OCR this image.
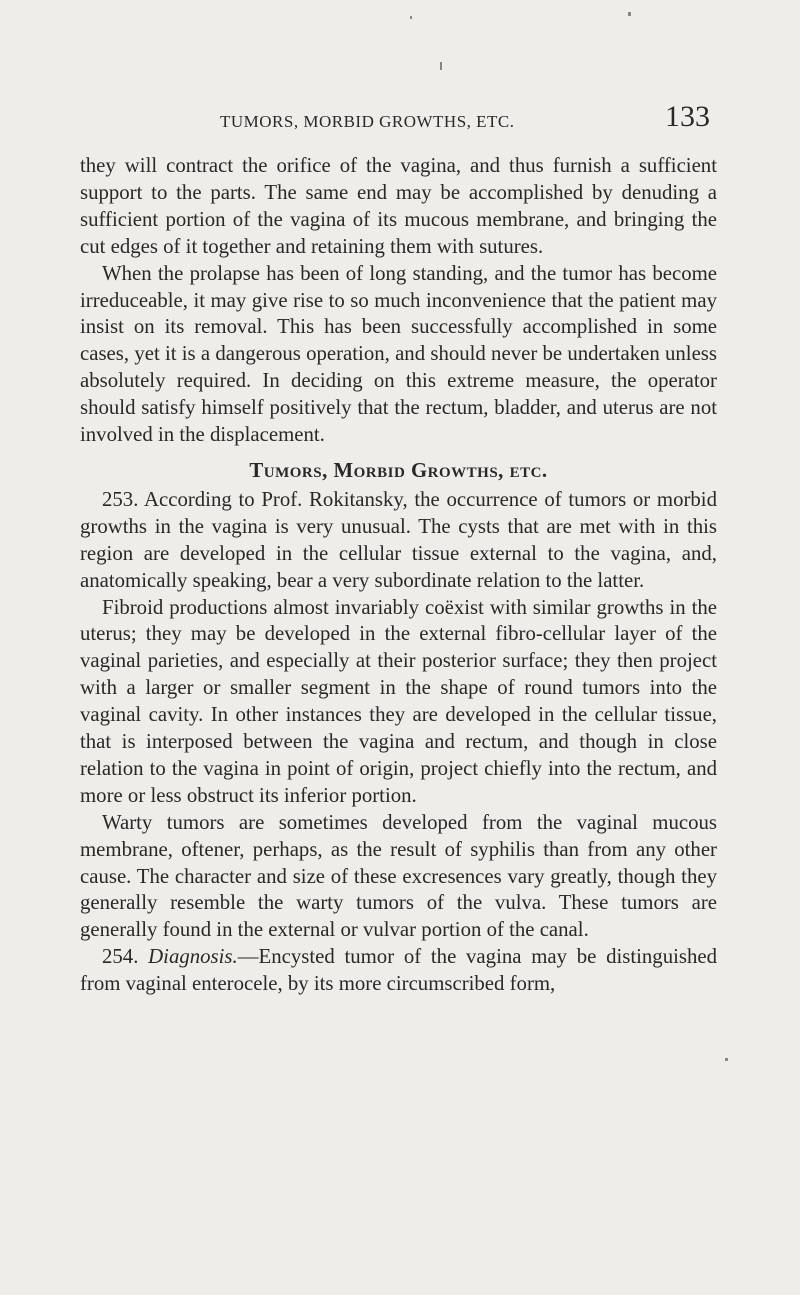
TUMORS, MORBID GROWTHS, ETC.	133

they will contract the orifice of the vagina, and thus furnish a sufficient support to the parts. The same end may be accomplished by denuding a sufficient portion of the vagina of its mucous membrane, and bringing the cut edges of it together and retaining them with sutures.

When the prolapse has been of long standing, and the tumor has become irreduceable, it may give rise to so much inconvenience that the patient may insist on its removal. This has been successfully accomplished in some cases, yet it is a dangerous operation, and should never be undertaken unless absolutely required. In deciding on this extreme measure, the operator should satisfy himself positively that the rectum, bladder, and uterus are not involved in the displacement.

Tumors, Morbid Growths, etc.

253. According to Prof. Rokitansky, the occurrence of tumors or morbid growths in the vagina is very unusual. The cysts that are met with in this region are developed in the cellular tissue external to the vagina, and, anatomically speaking, bear a very subordinate relation to the latter.

Fibroid productions almost invariably coëxist with similar growths in the uterus; they may be developed in the external fibro-cellular layer of the vaginal parieties, and especially at their posterior surface; they then project with a larger or smaller segment in the shape of round tumors into the vaginal cavity. In other instances they are developed in the cellular tissue, that is interposed between the vagina and rectum, and though in close relation to the vagina in point of origin, project chiefly into the rectum, and more or less obstruct its inferior portion.

Warty tumors are sometimes developed from the vaginal mucous membrane, oftener, perhaps, as the result of syphilis than from any other cause. The character and size of these excresences vary greatly, though they generally resemble the warty tumors of the vulva. These tumors are generally found in the external or vulvar portion of the canal.

254. Diagnosis.—Encysted tumor of the vagina may be distinguished from vaginal enterocele, by its more circumscribed form,
